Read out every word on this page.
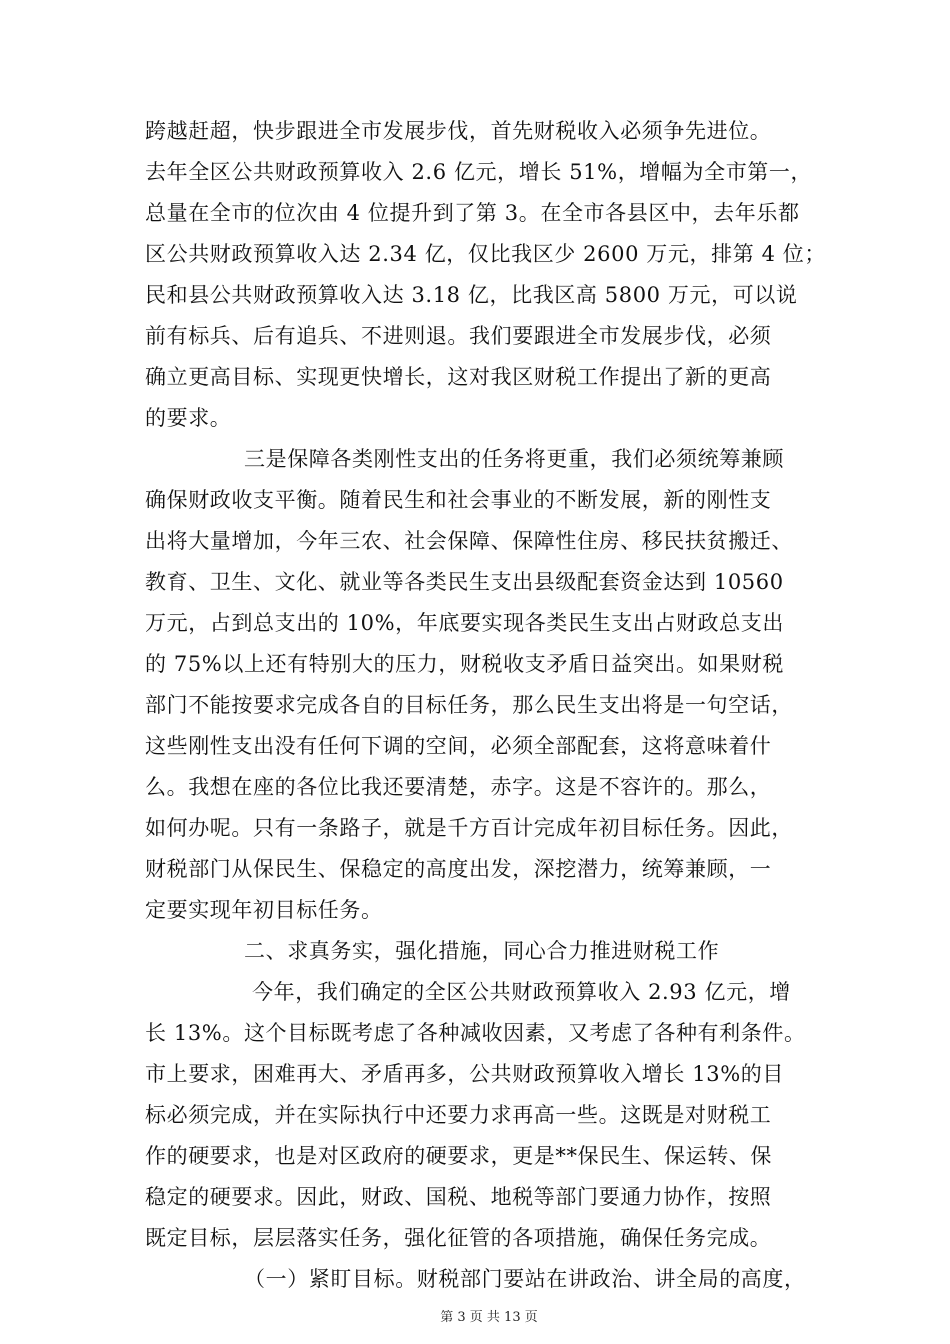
跨越赶超，快步跟进全市发展步伐，首先财税收入必须争先进位。
去年全区公共财政预算收入 2.6 亿元，增长 51%，增幅为全市第一，
总量在全市的位次由 4 位提升到了第 3。在全市各县区中，去年乐都
区公共财政预算收入达 2.34 亿，仅比我区少 2600 万元，排第 4 位；
民和县公共财政预算收入达 3.18 亿，比我区高 5800 万元，可以说
前有标兵、后有追兵、不进则退。我们要跟进全市发展步伐，必须
确立更高目标、实现更快增长，这对我区财税工作提出了新的更高
的要求。
三是保障各类刚性支出的任务将更重，我们必须统筹兼顾
确保财政收支平衡。随着民生和社会事业的不断发展，新的刚性支
出将大量增加，今年三农、社会保障、保障性住房、移民扶贫搬迁、
教育、卫生、文化、就业等各类民生支出县级配套资金达到 10560
万元，占到总支出的 10%，年底要实现各类民生支出占财政总支出
的 75%以上还有特别大的压力，财税收支矛盾日益突出。如果财税
部门不能按要求完成各自的目标任务，那么民生支出将是一句空话，
这些刚性支出没有任何下调的空间，必须全部配套，这将意味着什
么。我想在座的各位比我还要清楚，赤字。这是不容许的。那么，
如何办呢。只有一条路子，就是千方百计完成年初目标任务。因此，
财税部门从保民生、保稳定的高度出发，深挖潜力，统筹兼顾，一
定要实现年初目标任务。
二、求真务实，强化措施，同心合力推进财税工作
今年，我们确定的全区公共财政预算收入 2.93 亿元，增
长 13%。这个目标既考虑了各种减收因素，又考虑了各种有利条件。
市上要求，困难再大、矛盾再多，公共财政预算收入增长 13%的目
标必须完成，并在实际执行中还要力求再高一些。这既是对财税工
作的硬要求，也是对区政府的硬要求，更是**保民生、保运转、保
稳定的硬要求。因此，财政、国税、地税等部门要通力协作，按照
既定目标，层层落实任务，强化征管的各项措施，确保任务完成。
（一）紧盯目标。财税部门要站在讲政治、讲全局的高度，
第 3 页 共 13 页
